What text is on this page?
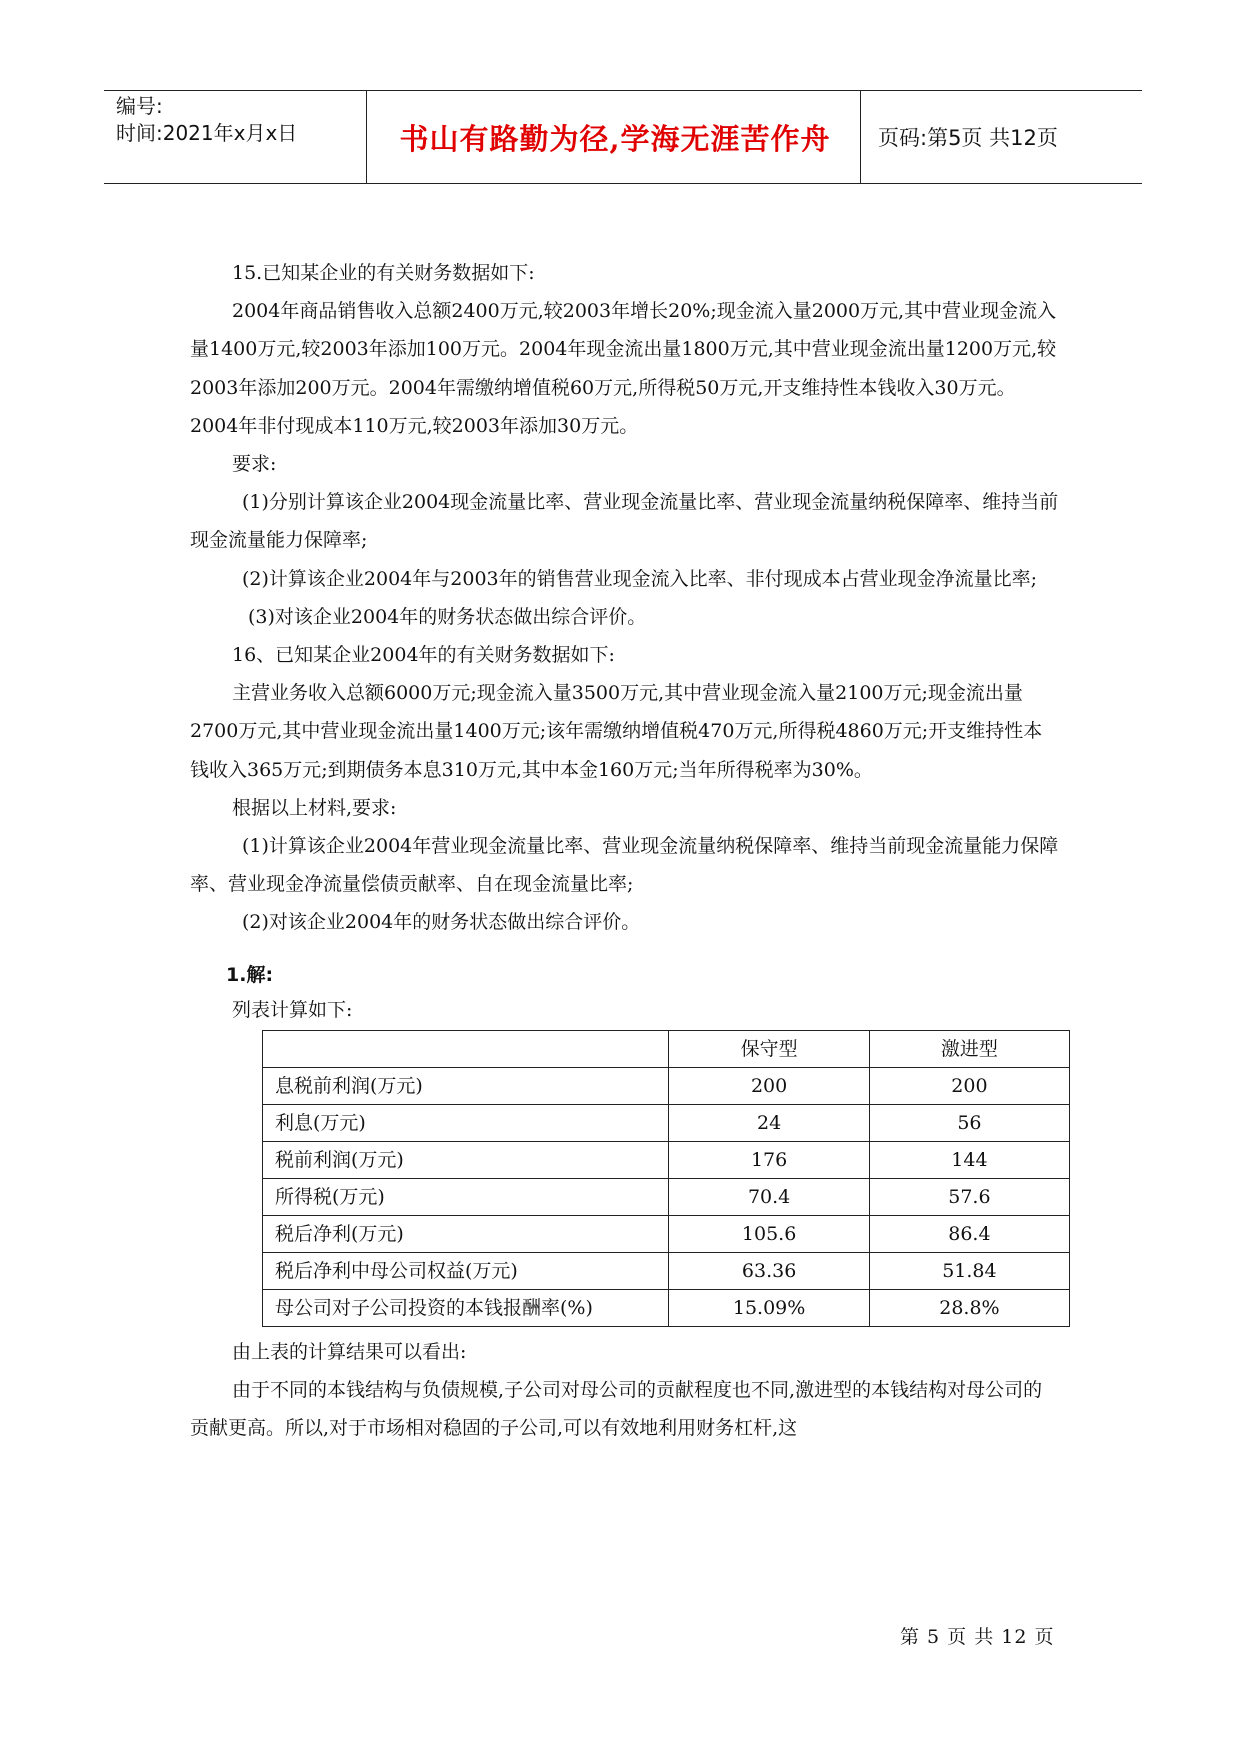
编号:
时间:2021年x月x日	书山有路勤为径,学海无涯苦作舟	页码:第5页 共12页

15.已知某企业的有关财务数据如下:

2004年商品销售收入总额2400万元,较2003年增长20%;现金流入量2000万元,其中营业现金流入量1400万元,较2003年添加100万元。2004年现金流出量1800万元,其中营业现金流出量1200万元,较2003年添加200万元。2004年需缴纳增值税60万元,所得税50万元,开支维持性本钱收入30万元。2004年非付现成本110万元,较2003年添加30万元。

要求:

(1)分别计算该企业2004现金流量比率、营业现金流量比率、营业现金流量纳税保障率、维持当前现金流量能力保障率;

(2)计算该企业2004年与2003年的销售营业现金流入比率、非付现成本占营业现金净流量比率;

(3)对该企业2004年的财务状态做出综合评价。

16、已知某企业2004年的有关财务数据如下:

主营业务收入总额6000万元;现金流入量3500万元,其中营业现金流入量2100万元;现金流出量2700万元,其中营业现金流出量1400万元;该年需缴纳增值税470万元,所得税4860万元;开支维持性本钱收入365万元;到期债务本息310万元,其中本金160万元;当年所得税率为30%。

根据以上材料,要求:

(1)计算该企业2004年营业现金流量比率、营业现金流量纳税保障率、维持当前现金流量能力保障率、营业现金净流量偿债贡献率、自在现金流量比率;

(2)对该企业2004年的财务状态做出综合评价。

1.解:

列表计算如下:

	保守型	激进型
息税前利润(万元)	200	200
利息(万元)	24	56
税前利润(万元)	176	144
所得税(万元)	70.4	57.6
税后净利(万元)	105.6	86.4
税后净利中母公司权益(万元)	63.36	51.84
母公司对子公司投资的本钱报酬率(%)	15.09%	28.8%

由上表的计算结果可以看出:

由于不同的本钱结构与负债规模,子公司对母公司的贡献程度也不同,激进型的本钱结构对母公司的贡献更高。所以,对于市场相对稳固的子公司,可以有效地利用财务杠杆,这

第 5 页 共 12 页
